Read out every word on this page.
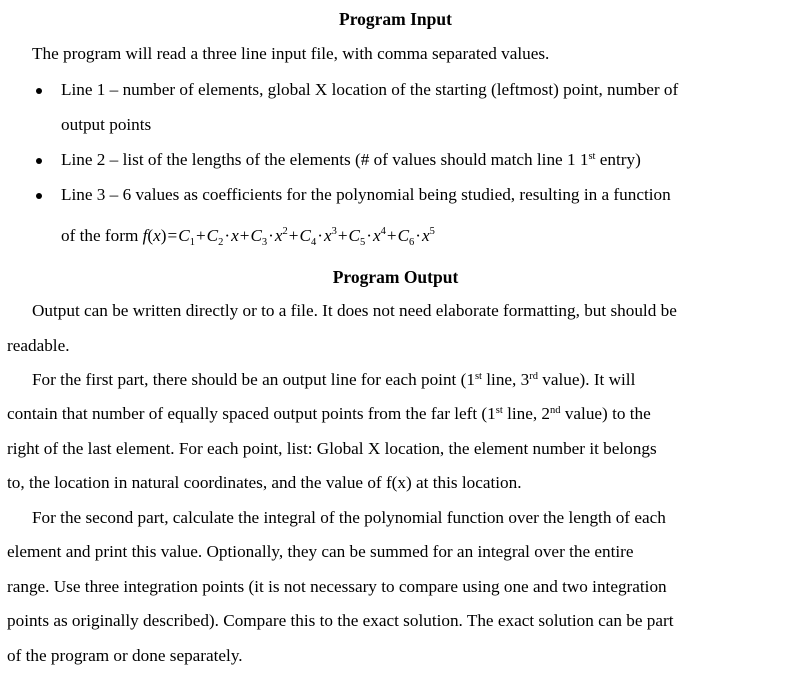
Program Input
The program will read a three line input file, with comma separated values.
Line 1 – number of elements, global X location of the starting (leftmost) point, number of
output points
Line 2 – list of the lengths of the elements (# of values should match line 1 1st entry)
Line 3 – 6 values as coefficients for the polynomial being studied, resulting in a function
of the form $f(x)=C_1+C_2\cdot x+C_3\cdot x^2+C_4\cdot x^3+C_5\cdot x^4+C_6\cdot x^5$
Program Output
Output can be written directly or to a file. It does not need elaborate formatting, but should be
readable.
For the first part, there should be an output line for each point (1st line, 3rd value). It will
contain that number of equally spaced output points from the far left (1st line, 2nd value) to the
right of the last element. For each point, list: Global X location, the element number it belongs
to, the location in natural coordinates, and the value of f(x) at this location.
For the second part, calculate the integral of the polynomial function over the length of each
element and print this value. Optionally, they can be summed for an integral over the entire
range. Use three integration points (it is not necessary to compare using one and two integration
points as originally described). Compare this to the exact solution. The exact solution can be part
of the program or done separately.
